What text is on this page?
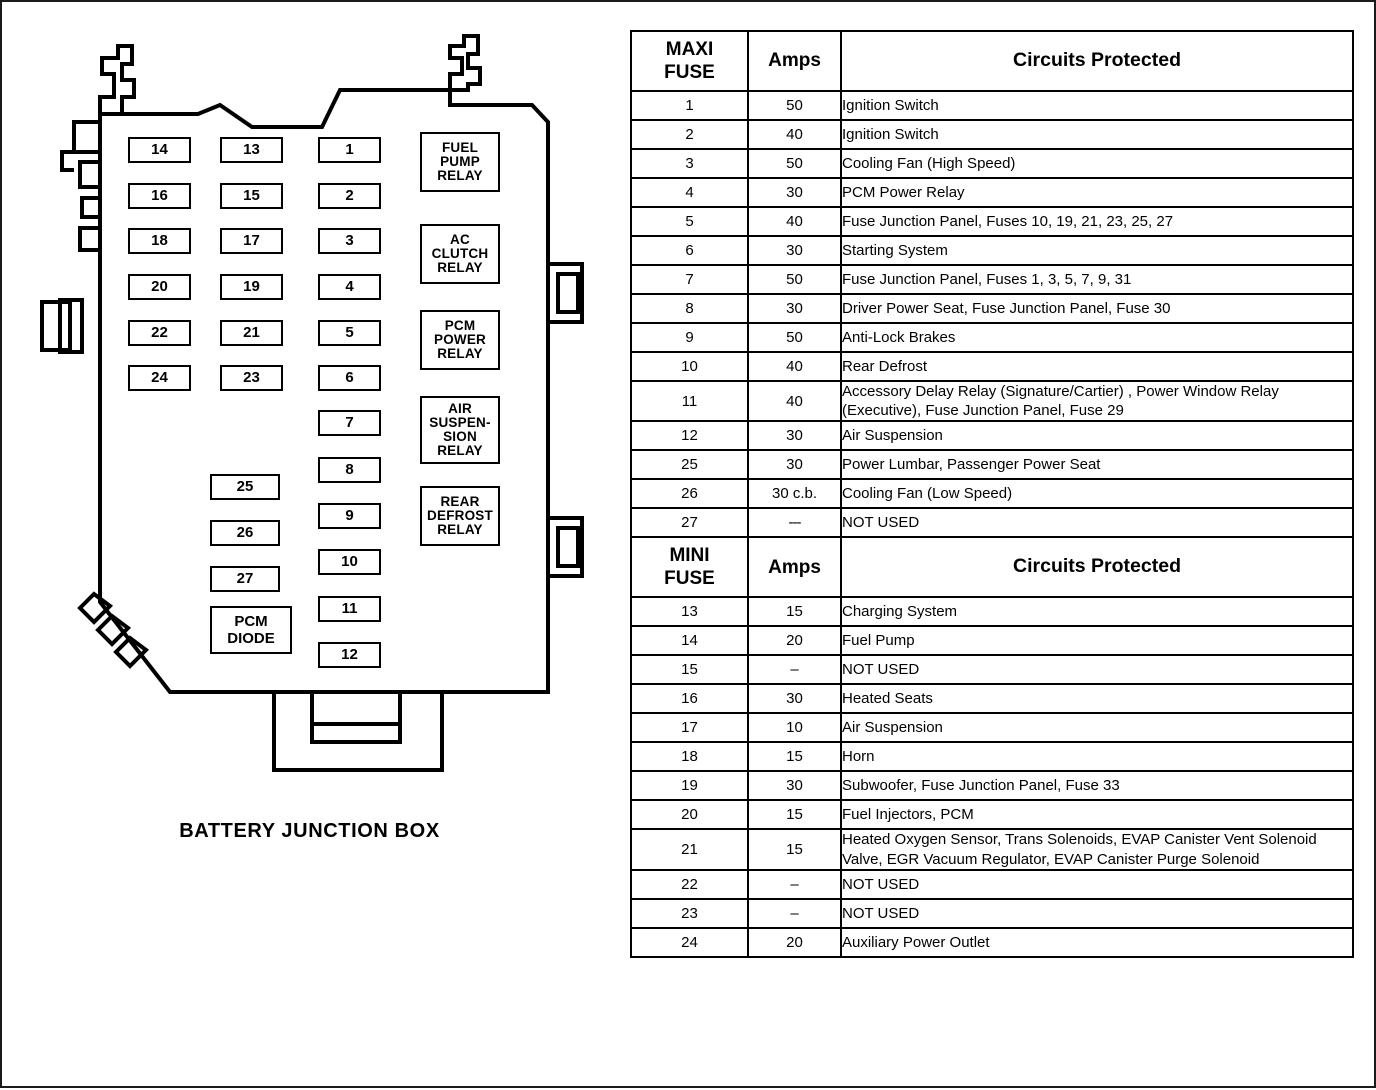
14
16
18
20
22
24
13
15
17
19
21
23
1
2
3
4
5
6
7
8
9
10
11
12
25
26
27
PCM
DIODE
FUEL
PUMP
RELAY
AC
CLUTCH
RELAY
PCM
POWER
RELAY
AIR
SUSPEN-
SION
RELAY
REAR
DEFROST
RELAY
BATTERY JUNCTION BOX
MAXI
FUSE	Amps	Circuits Protected
1	50	Ignition Switch
2	40	Ignition Switch
3	50	Cooling Fan (High Speed)
4	30	PCM Power Relay
5	40	Fuse Junction Panel, Fuses 10, 19, 21, 23, 25, 27
6	30	Starting System
7	50	Fuse Junction Panel, Fuses 1, 3, 5, 7, 9, 31
8	30	Driver Power Seat, Fuse Junction Panel, Fuse 30
9	50	Anti-Lock Brakes
10	40	Rear Defrost
11	40	Accessory Delay Relay (Signature/Cartier) , Power Window Relay (Executive), Fuse Junction Panel, Fuse 29
12	30	Air Suspension
25	30	Power Lumbar, Passenger Power Seat
26	30 c.b.	Cooling Fan (Low Speed)
27	---	NOT USED

MINI
FUSE	Amps	Circuits Protected
13	15	Charging System
14	20	Fuel Pump
15	–	NOT USED
16	30	Heated Seats
17	10	Air Suspension
18	15	Horn
19	30	Subwoofer, Fuse Junction Panel, Fuse 33
20	15	Fuel Injectors, PCM
21	15	Heated Oxygen Sensor, Trans Solenoids, EVAP Canister Vent Solenoid Valve, EGR Vacuum Regulator, EVAP Canister Purge Solenoid
22	–	NOT USED
23	–	NOT USED
24	20	Auxiliary Power Outlet
